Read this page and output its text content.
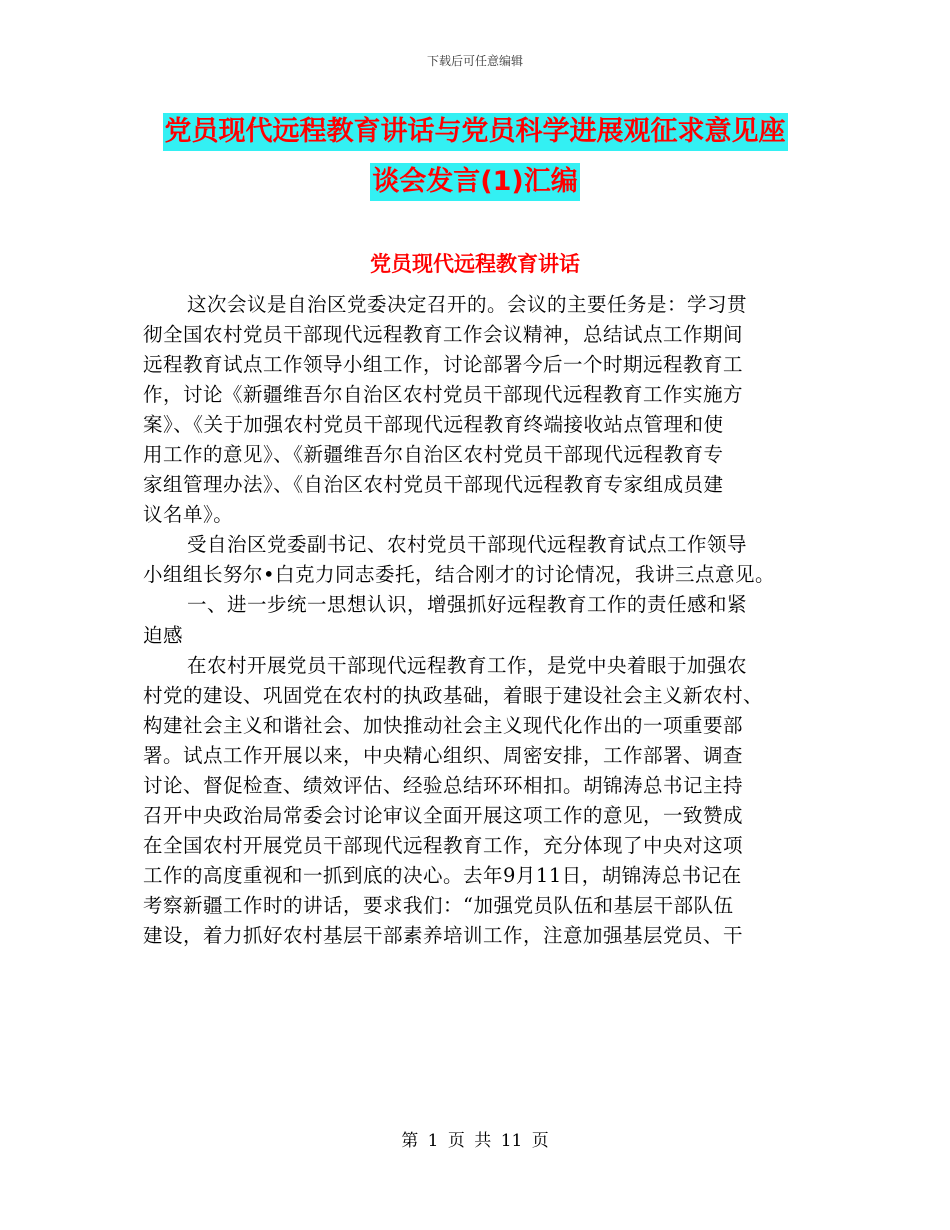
下载后可任意编辑
党员现代远程教育讲话与党员科学进展观征求意见座
谈会发言(1)汇编
党员现代远程教育讲话
这次会议是自治区党委决定召开的。会议的主要任务是：学习贯
彻全国农村党员干部现代远程教育工作会议精神，总结试点工作期间
远程教育试点工作领导小组工作，讨论部署今后一个时期远程教育工
作，讨论《新疆维吾尔自治区农村党员干部现代远程教育工作实施方
案》、《关于加强农村党员干部现代远程教育终端接收站点管理和使
用工作的意见》、《新疆维吾尔自治区农村党员干部现代远程教育专
家组管理办法》、《自治区农村党员干部现代远程教育专家组成员建
议名单》。
受自治区党委副书记、农村党员干部现代远程教育试点工作领导
小组组长努尔•白克力同志委托，结合刚才的讨论情况，我讲三点意见。
一、进一步统一思想认识，增强抓好远程教育工作的责任感和紧
迫感
在农村开展党员干部现代远程教育工作，是党中央着眼于加强农
村党的建设、巩固党在农村的执政基础，着眼于建设社会主义新农村、
构建社会主义和谐社会、加快推动社会主义现代化作出的一项重要部
署。试点工作开展以来，中央精心组织、周密安排，工作部署、调查
讨论、督促检查、绩效评估、经验总结环环相扣。胡锦涛总书记主持
召开中央政治局常委会讨论审议全面开展这项工作的意见，一致赞成
在全国农村开展党员干部现代远程教育工作，充分体现了中央对这项
工作的高度重视和一抓到底的决心。去年9月11日，胡锦涛总书记在
考察新疆工作时的讲话，要求我们：“加强党员队伍和基层干部队伍
建设，着力抓好农村基层干部素养培训工作，注意加强基层党员、干
第 1 页 共 11 页
